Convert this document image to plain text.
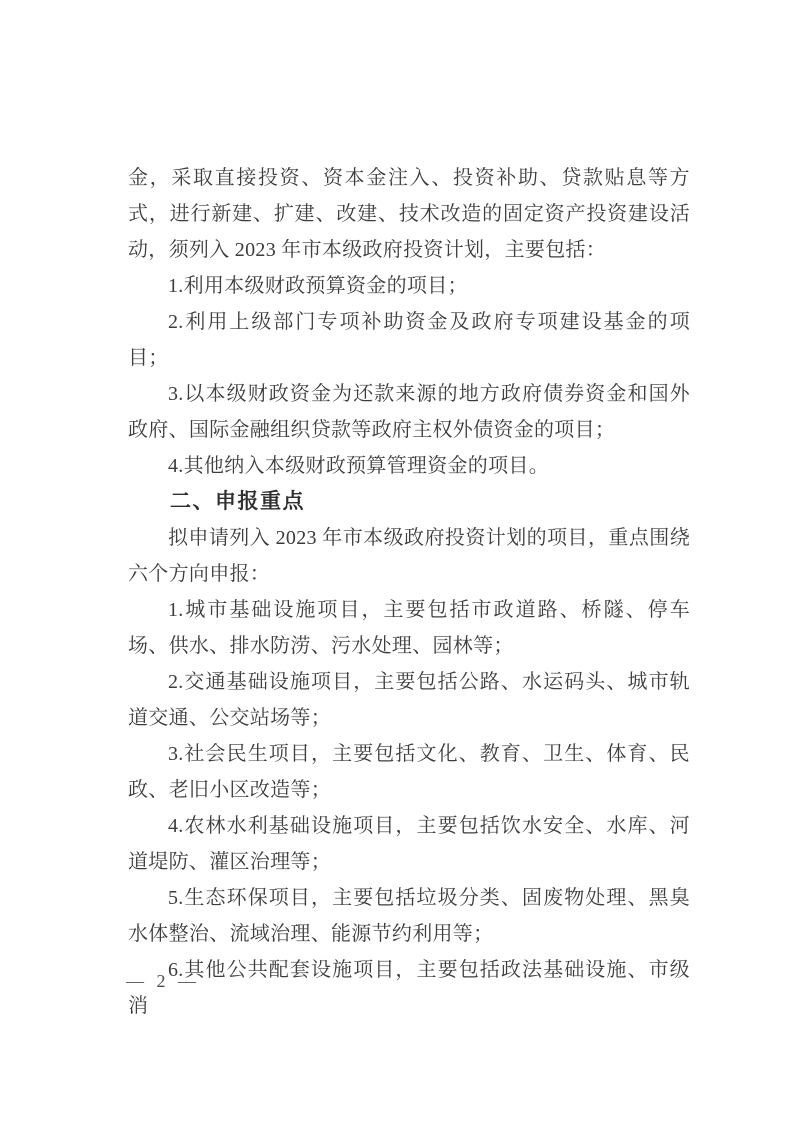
金，采取直接投资、资本金注入、投资补助、贷款贴息等方式，进行新建、扩建、改建、技术改造的固定资产投资建设活动，须列入 2023 年市本级政府投资计划，主要包括：

1.利用本级财政预算资金的项目；

2.利用上级部门专项补助资金及政府专项建设基金的项目；

3.以本级财政资金为还款来源的地方政府债券资金和国外政府、国际金融组织贷款等政府主权外债资金的项目；

4.其他纳入本级财政预算管理资金的项目。

二、申报重点

拟申请列入 2023 年市本级政府投资计划的项目，重点围绕六个方向申报：

1.城市基础设施项目，主要包括市政道路、桥隧、停车场、供水、排水防涝、污水处理、园林等；

2.交通基础设施项目，主要包括公路、水运码头、城市轨道交通、公交站场等；

3.社会民生项目，主要包括文化、教育、卫生、体育、民政、老旧小区改造等；

4.农林水利基础设施项目，主要包括饮水安全、水库、河道堤防、灌区治理等；

5.生态环保项目，主要包括垃圾分类、固废物处理、黑臭水体整治、流域治理、能源节约利用等；

6.其他公共配套设施项目，主要包括政法基础设施、市级消

— 2 —
